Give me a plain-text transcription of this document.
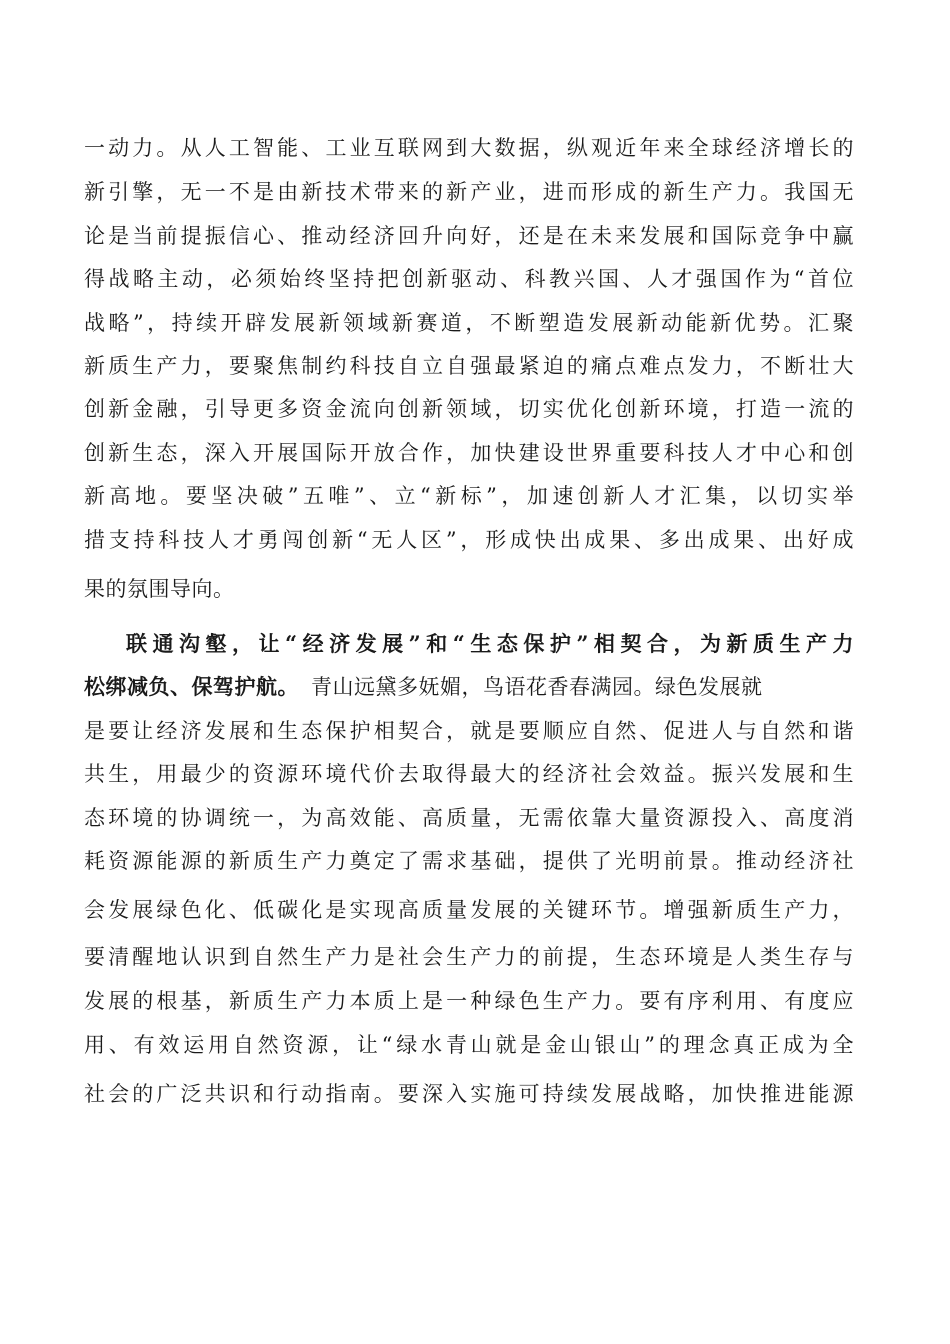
一动力。从人工智能、工业互联网到大数据，纵观近年来全球经济增长的
新引擎，无一不是由新技术带来的新产业，进而形成的新生产力。我国无
论是当前提振信心、推动经济回升向好，还是在未来发展和国际竞争中赢
得战略主动，必须始终坚持把创新驱动、科教兴国、人才强国作为“首位
战略”，持续开辟发展新领域新赛道，不断塑造发展新动能新优势。汇聚
新质生产力，要聚焦制约科技自立自强最紧迫的痛点难点发力，不断壮大
创新金融，引导更多资金流向创新领域，切实优化创新环境，打造一流的
创新生态，深入开展国际开放合作，加快建设世界重要科技人才中心和创
新高地。要坚决破”五唯”、立“新标”，加速创新人才汇集，以切实举
措支持科技人才勇闯创新“无人区”，形成快出成果、多出成果、出好成
果的氛围导向。
联通沟壑，让“经济发展”和“生态保护”相契合，为新质生产力
松绑减负、保驾护航。 青山远黛多妩媚，鸟语花香春满园。绿色发展就
是要让经济发展和生态保护相契合，就是要顺应自然、促进人与自然和谐
共生，用最少的资源环境代价去取得最大的经济社会效益。振兴发展和生
态环境的协调统一，为高效能、高质量，无需依靠大量资源投入、高度消
耗资源能源的新质生产力奠定了需求基础，提供了光明前景。推动经济社
会发展绿色化、低碳化是实现高质量发展的关键环节。增强新质生产力，
要清醒地认识到自然生产力是社会生产力的前提，生态环境是人类生存与
发展的根基，新质生产力本质上是一种绿色生产力。要有序利用、有度应
用、有效运用自然资源，让“绿水青山就是金山银山”的理念真正成为全
社会的广泛共识和行动指南。要深入实施可持续发展战略，加快推进能源
